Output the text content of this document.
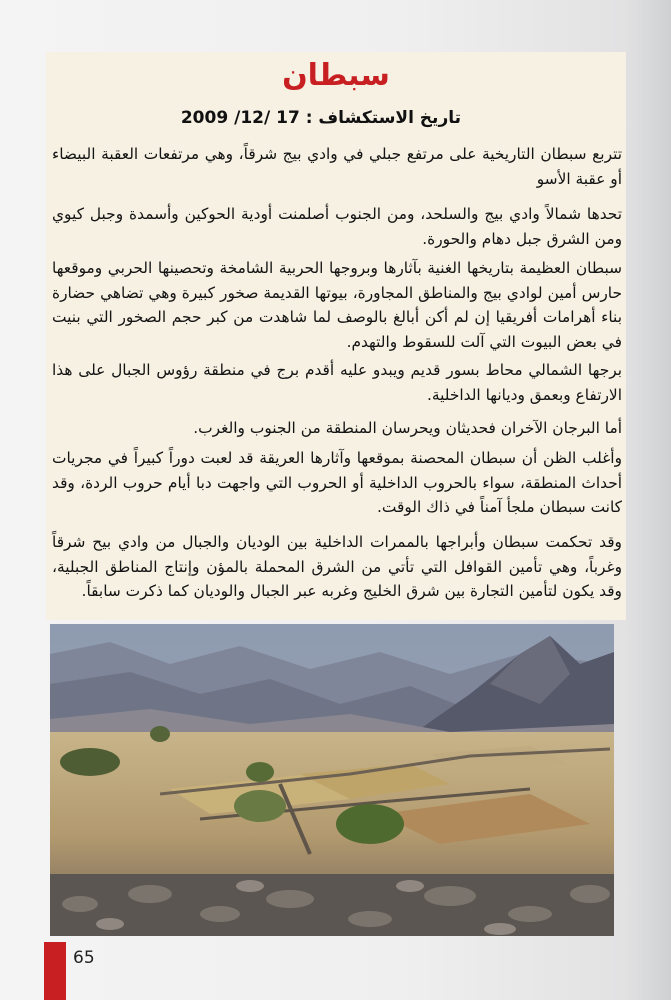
سبطان
تاريخ الاستكشاف : 17 /12/ 2009

تتربع سبطان التاريخية على مرتفع جبلي في وادي بيج شرقاً، وهي مرتفعات العقبة البيضاء أو عقبة الأسو

تحدها شمالاً وادي بيج والسلحد، ومن الجنوب أصلمنت أودية الحوكين وأسمدة وجبل كيوي ومن الشرق جبل دهام والحورة.

سبطان العظيمة بتاريخها الغنية بآثارها وبروجها الحربية الشامخة وتحصينها الحربي وموقعها حارس أمين لوادي بيج والمناطق المجاورة، بيوتها القديمة صخور كبيرة وهي تضاهي حضارة بناء أهرامات أفريقيا إن لم أكن أبالغ بالوصف لما شاهدت من كبر حجم الصخور التي بنيت في بعض البيوت التي آلت للسقوط والتهدم.

برجها الشمالي محاط بسور قديم ويبدو عليه أقدم برج في منطقة رؤوس الجبال على هذا الارتفاع وبعمق وديانها الداخلية.

أما البرجان الآخران فحديثان ويحرسان المنطقة من الجنوب والغرب.

وأغلب الظن أن سبطان المحصنة بموقعها وآثارها العريقة قد لعبت دوراً كبيراً في مجريات أحداث المنطقة، سواء بالحروب الداخلية أو الحروب التي واجهت دبا أيام حروب الردة، وقد كانت سبطان ملجأ آمناً في ذاك الوقت.

وقد تحكمت سبطان وأبراجها بالممرات الداخلية بين الوديان والجبال من وادي بيح شرقاً وغرباً، وهي تأمين القوافل التي تأتي من الشرق المحملة بالمؤن وإنتاج المناطق الجبلية، وقد يكون لتأمين التجارة بين شرق الخليج وغربه عبر الجبال والوديان كما ذكرت سابقاً.

65
